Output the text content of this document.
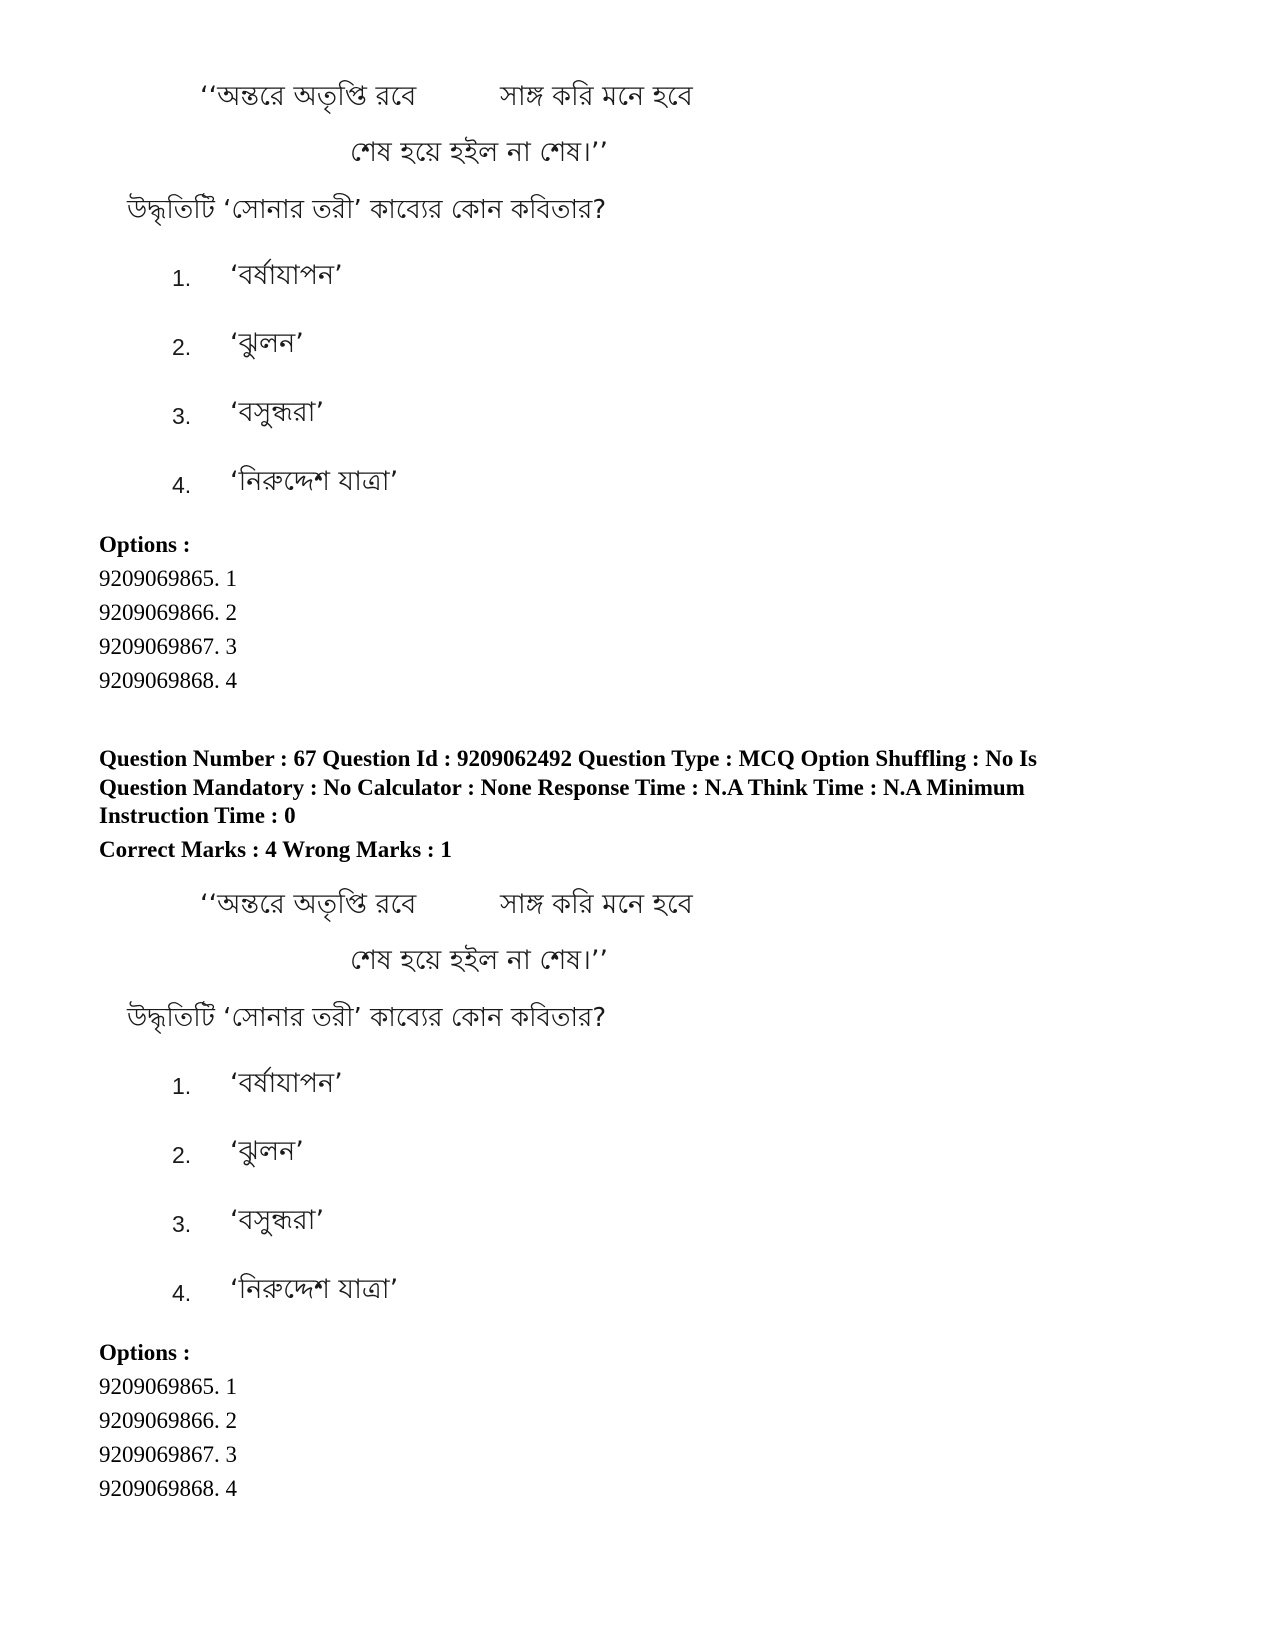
‘‘অন্তরে অতৃপ্তি রবে	সাঙ্গ করি মনে হবে
শেষ হয়ে হইল না শেষ।’’
উদ্ধৃতিটি ‘সোনার তরী’ কাব্যের কোন কবিতার?
1. ‘বর্ষাযাপন’
2. ‘ঝুলন’
3. ‘বসুন্ধরা’
4. ‘নিরুদ্দেশ যাত্রা’
Options :
9209069865. 1
9209069866. 2
9209069867. 3
9209069868. 4
Question Number : 67 Question Id : 9209062492 Question Type : MCQ Option Shuffling : No Is
Question Mandatory : No Calculator : None Response Time : N.A Think Time : N.A Minimum
Instruction Time : 0
Correct Marks : 4 Wrong Marks : 1
‘‘অন্তরে অতৃপ্তি রবে	সাঙ্গ করি মনে হবে
শেষ হয়ে হইল না শেষ।’’
উদ্ধৃতিটি ‘সোনার তরী’ কাব্যের কোন কবিতার?
1. ‘বর্ষাযাপন’
2. ‘ঝুলন’
3. ‘বসুন্ধরা’
4. ‘নিরুদ্দেশ যাত্রা’
Options :
9209069865. 1
9209069866. 2
9209069867. 3
9209069868. 4
